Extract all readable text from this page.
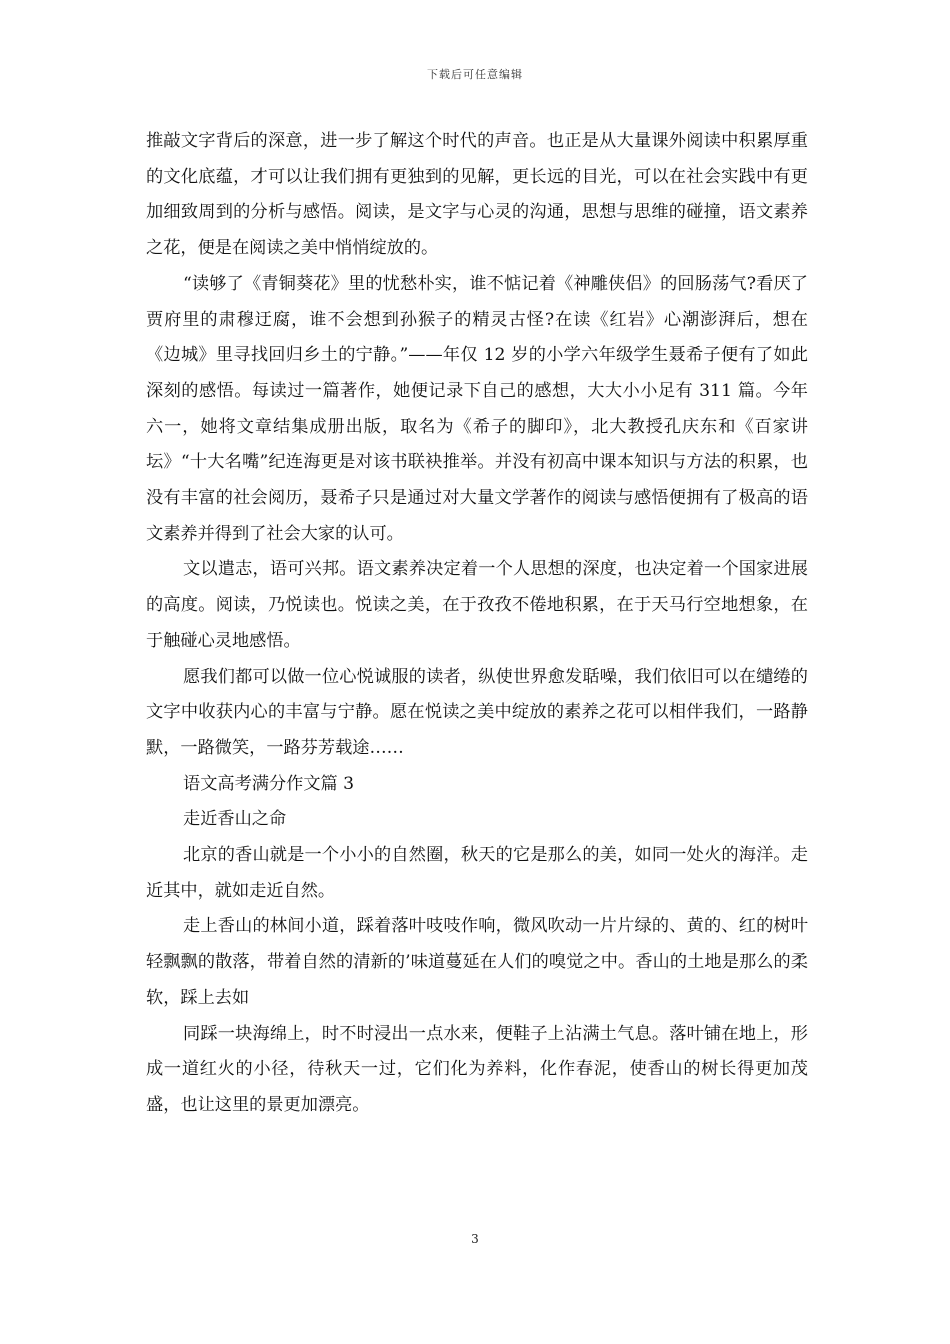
下载后可任意编辑

推敲文字背后的深意，进一步了解这个时代的声音。也正是从大量课外阅读中积累厚重的文化底蕴，才可以让我们拥有更独到的见解，更长远的目光，可以在社会实践中有更加细致周到的分析与感悟。阅读，是文字与心灵的沟通，思想与思维的碰撞，语文素养之花，便是在阅读之美中悄悄绽放的。

“读够了《青铜葵花》里的忧愁朴实，谁不惦记着《神雕侠侣》的回肠荡气?看厌了贾府里的肃穆迂腐，谁不会想到孙猴子的精灵古怪?在读《红岩》心潮澎湃后，想在《边城》里寻找回归乡土的宁静。”——年仅 12 岁的小学六年级学生聂希子便有了如此深刻的感悟。每读过一篇著作，她便记录下自己的感想，大大小小足有 311 篇。今年六一，她将文章结集成册出版，取名为《希子的脚印》，北大教授孔庆东和《百家讲坛》“十大名嘴”纪连海更是对该书联袂推举。并没有初高中课本知识与方法的积累，也没有丰富的社会阅历，聂希子只是通过对大量文学著作的阅读与感悟便拥有了极高的语文素养并得到了社会大家的认可。

文以遣志，语可兴邦。语文素养决定着一个人思想的深度，也决定着一个国家进展的高度。阅读，乃悦读也。悦读之美，在于孜孜不倦地积累，在于天马行空地想象，在于触碰心灵地感悟。

愿我们都可以做一位心悦诚服的读者，纵使世界愈发聒噪，我们依旧可以在缱绻的文字中收获内心的丰富与宁静。愿在悦读之美中绽放的素养之花可以相伴我们，一路静默，一路微笑，一路芬芳载途……

语文高考满分作文篇 3

走近香山之命

北京的香山就是一个小小的自然圈，秋天的它是那么的美，如同一处火的海洋。走近其中，就如走近自然。

走上香山的林间小道，踩着落叶吱吱作响，微风吹动一片片绿的、黄的、红的树叶轻飘飘的散落，带着自然的清新的’味道蔓延在人们的嗅觉之中。香山的土地是那么的柔软，踩上去如

同踩一块海绵上，时不时浸出一点水来，便鞋子上沾满土气息。落叶铺在地上，形成一道红火的小径，待秋天一过，它们化为养料，化作春泥，使香山的树长得更加茂盛，也让这里的景更加漂亮。

3
